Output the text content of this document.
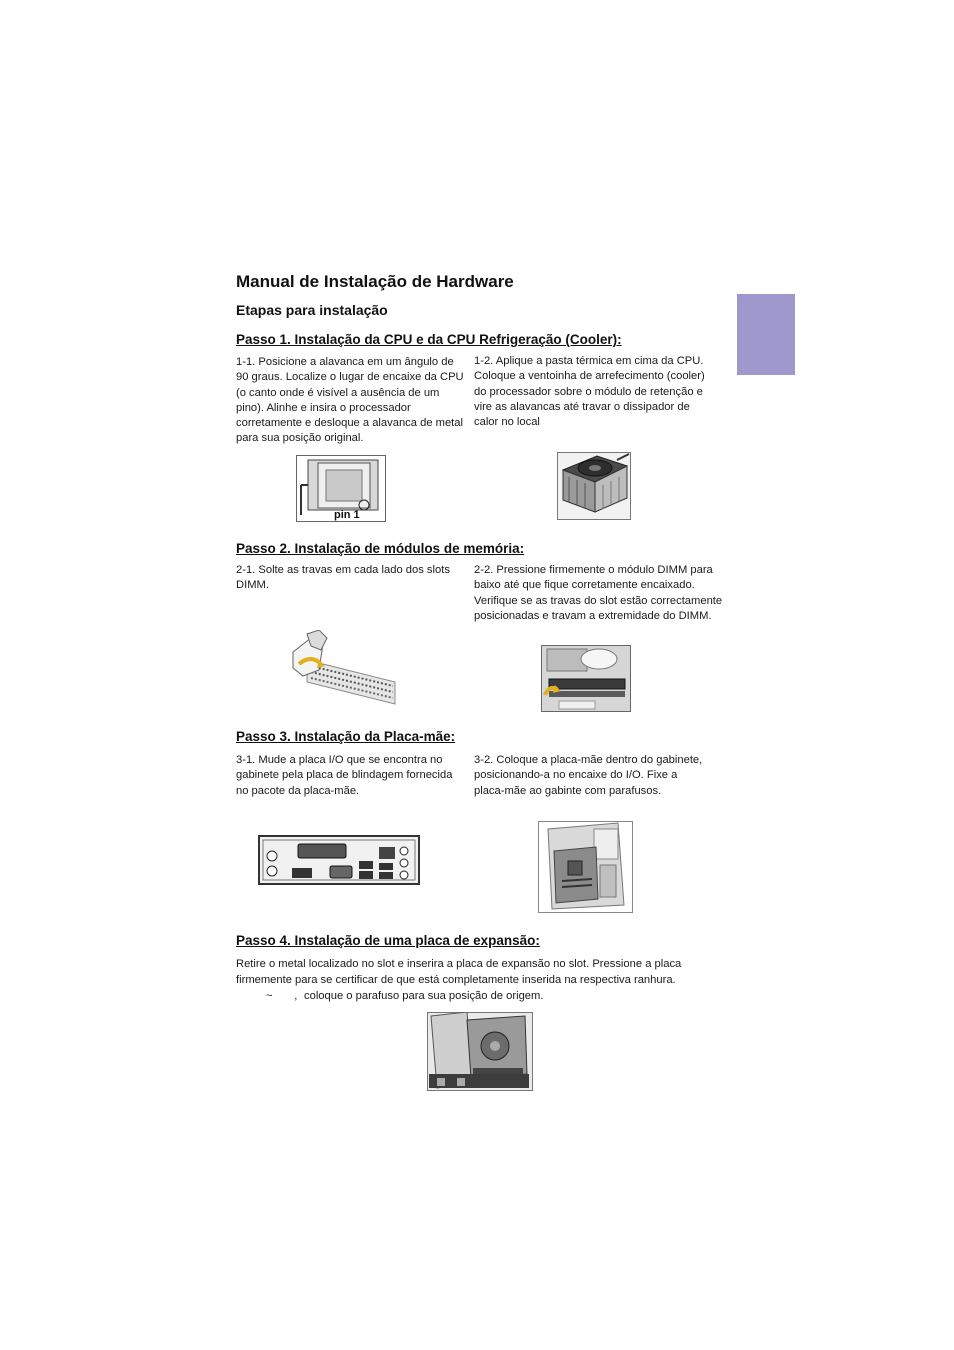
Manual de Instalação de Hardware
Etapas para instalação
Passo 1. Instalação da CPU e da CPU Refrigeração (Cooler):
1-1. Posicione a alavanca em um ângulo de 90 graus. Localize o lugar de encaixe da CPU (o canto onde é visível a ausência de um pino). Alinhe e insira o processador corretamente e desloque a alavanca de metal para sua posição original.
1-2. Aplique a pasta térmica em cima da CPU. Coloque a ventoinha de arrefecimento (cooler) do processador sobre o módulo de retenção e vire as alavancas até travar o dissipador de calor no local
pin 1
Passo 2. Instalação de módulos de memória:
2-1. Solte as travas em cada lado dos slots DIMM.
2-2. Pressione firmemente o módulo DIMM para baixo até que fique corretamente encaixado. Verifique se as travas do slot estão correctamente posicionadas e travam a extremidade do DIMM.
Passo 3. Instalação da Placa-mãe:
3-1. Mude a placa I/O que se encontra no gabinete pela placa de blindagem fornecida no pacote da placa-mãe.
3-2. Coloque a placa-mãe dentro do gabinete, posicionando-a no encaixe do I/O. Fixe a placa-mãe ao gabinte com parafusos.
Passo 4. Instalação de uma placa de expansão:
Retire o metal localizado no slot e inserira a placa de expansão no slot. Pressione a placa
firmemente para se certificar de que está completamente inserida na respectiva ranhura.
~       , coloque o parafuso para sua posição de origem.
